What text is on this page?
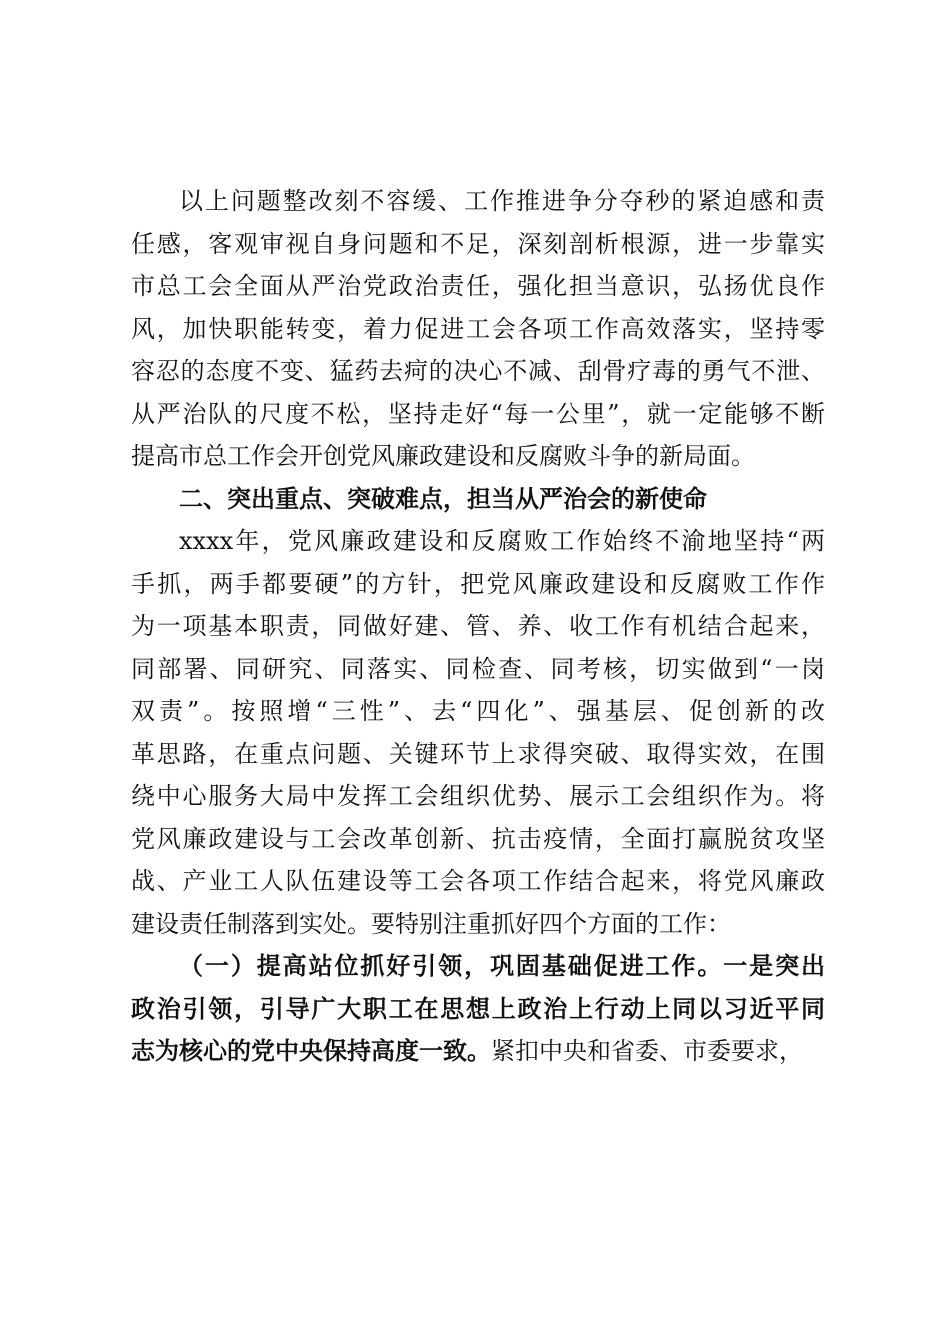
以上问题整改刻不容缓、工作推进争分夺秒的紧迫感和责
任感，客观审视自身问题和不足，深刻剖析根源，进一步靠实
市总工会全面从严治党政治责任，强化担当意识，弘扬优良作
风，加快职能转变，着力促进工会各项工作高效落实，坚持零
容忍的态度不变、猛药去疴的决心不减、刮骨疗毒的勇气不泄、
从严治队的尺度不松，坚持走好“每一公里”，就一定能够不断
提高市总工作会开创党风廉政建设和反腐败斗争的新局面。
二、突出重点、突破难点，担当从严治会的新使命
xxxx年，党风廉政建设和反腐败工作始终不渝地坚持“两
手抓，两手都要硬”的方针，把党风廉政建设和反腐败工作作
为一项基本职责，同做好建、管、养、收工作有机结合起来，
同部署、同研究、同落实、同检查、同考核，切实做到“一岗
双责”。按照增“三性”、去“四化”、强基层、促创新的改
革思路，在重点问题、关键环节上求得突破、取得实效，在围
绕中心服务大局中发挥工会组织优势、展示工会组织作为。将
党风廉政建设与工会改革创新、抗击疫情，全面打赢脱贫攻坚
战、产业工人队伍建设等工会各项工作结合起来，将党风廉政
建设责任制落到实处。要特别注重抓好四个方面的工作：
（一）提高站位抓好引领，巩固基础促进工作。一是突出
政治引领，引导广大职工在思想上政治上行动上同以习近平同
志为核心的党中央保持高度一致。紧扣中央和省委、市委要求，
